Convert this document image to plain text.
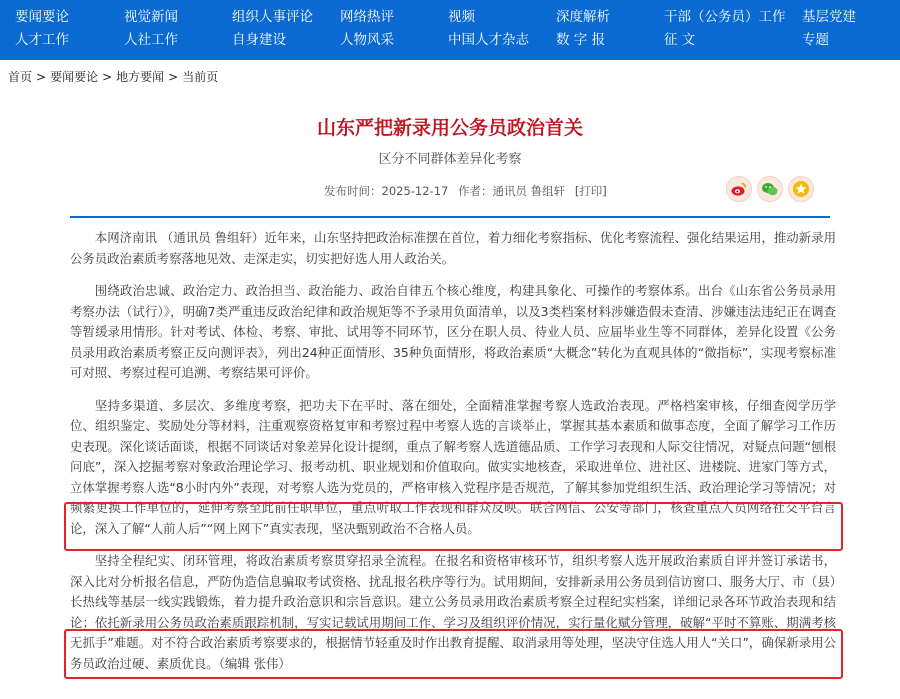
要闻要论	视觉新闻	组织人事评论 网络热评	视频	深度解析	干部（公务员）工作 基层党建
人才工作	人社工作	自身建设	人物风采	中国人才杂志 数 字 报	征 文	专题
首页 > 要闻要论 > 地方要闻 > 当前页
山东严把新录用公务员政治首关
区分不同群体差异化考察
发布时间：2025-12-17 作者：通讯员 鲁组轩 [打印]

本网济南讯 （通讯员 鲁组轩）近年来，山东坚持把政治标准摆在首位，着力细化考察指标、优化考察流程、强化结果运用，推动新录用公务员政治素质考察落地见效、走深走实，切实把好选人用人政治关。

围绕政治忠诚、政治定力、政治担当、政治能力、政治自律五个核心维度，构建具象化、可操作的考察体系。出台《山东省公务员录用考察办法（试行）》，明确7类严重违反政治纪律和政治规矩等不予录用负面清单，以及3类档案材料涉嫌造假未查清、涉嫌违法违纪正在调查等暂缓录用情形。针对考试、体检、考察、审批、试用等不同环节，区分在职人员、待业人员、应届毕业生等不同群体，差异化设置《公务员录用政治素质考察正反向测评表》，列出24种正面情形、35种负面情形，将政治素质“大概念”转化为直观具体的“微指标”，实现考察标准可对照、考察过程可追溯、考察结果可评价。

坚持多渠道、多层次、多维度考察，把功夫下在平时、落在细处，全面精准掌握考察人选政治表现。严格档案审核，仔细查阅学历学位、组织鉴定、奖励处分等材料，注重观察资格复审和考察过程中考察人选的言谈举止，掌握其基本素质和做事态度，全面了解学习工作历史表现。深化谈话面谈，根据不同谈话对象差异化设计提纲，重点了解考察人选道德品质、工作学习表现和人际交往情况，对疑点问题“刨根问底”，深入挖掘考察对象政治理论学习、报考动机、职业规划和价值取向。做实实地核查，采取进单位、进社区、进楼院、进家门等方式，立体掌握考察人选“8小时内外”表现，对考察人选为党员的，严格审核入党程序是否规范，了解其参加党组织生活、政治理论学习等情况；对频繁更换工作单位的，延伸考察至此前任职单位，重点听取工作表现和群众反映。联合网信、公安等部门，核查重点人员网络社交平台言论，深入了解“人前人后”“网上网下”真实表现，坚决甄别政治不合格人员。

坚持全程纪实、闭环管理，将政治素质考察贯穿招录全流程。在报名和资格审核环节，组织考察人选开展政治素质自评并签订承诺书，深入比对分析报名信息，严防伪造信息骗取考试资格、扰乱报名秩序等行为。试用期间，安排新录用公务员到信访窗口、服务大厅、市（县）长热线等基层一线实践锻炼，着力提升政治意识和宗旨意识。建立公务员录用政治素质考察全过程纪实档案，详细记录各环节政治表现和结论；依托新录用公务员政治素质跟踪机制，写实记载试用期间工作、学习及组织评价情况，实行量化赋分管理，破解“平时不算账、期满考核无抓手”难题。对不符合政治素质考察要求的，根据情节轻重及时作出教育提醒、取消录用等处理，坚决守住选人用人“关口”，确保新录用公务员政治过硬、素质优良。（编辑 张伟）
